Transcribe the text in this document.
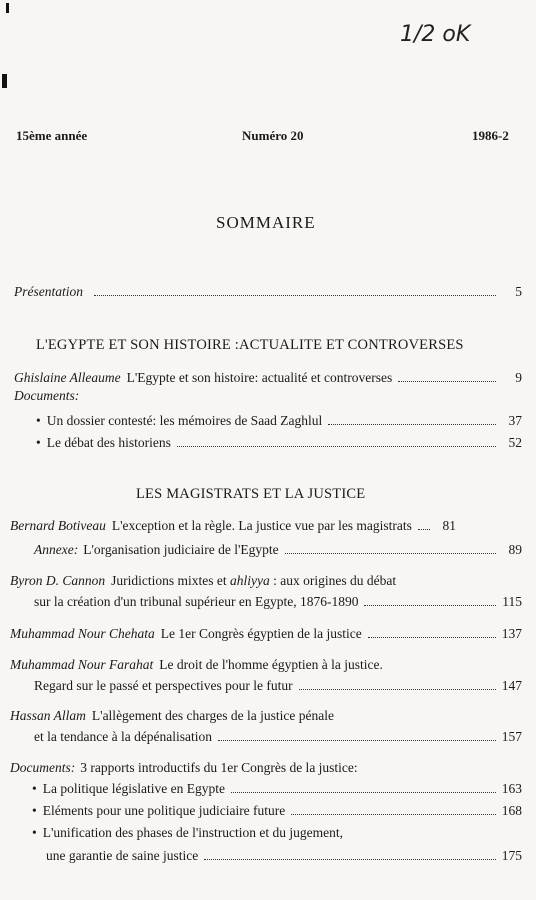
1/2 oK
15ème année	Numéro 20	1986-2
SOMMAIRE
Présentation	5
L'EGYPTE ET SON HISTOIRE :ACTUALITE ET CONTROVERSES
Ghislaine Alleaume L'Egypte et son histoire: actualité et controverses	9
Documents:
• Un dossier contesté: les mémoires de Saad Zaghlul	37
• Le débat des historiens	52
LES MAGISTRATS ET LA JUSTICE
Bernard Botiveau L'exception et la règle. La justice vue par les magistrats	81
Annexe: L'organisation judiciaire de l'Egypte	89
Byron D. Cannon Juridictions mixtes et ahliyya : aux origines du débat
sur la création d'un tribunal supérieur en Egypte, 1876-1890	115
Muhammad Nour Chehata Le 1er Congrès égyptien de la justice	137
Muhammad Nour Farahat Le droit de l'homme égyptien à la justice.
Regard sur le passé et perspectives pour le futur	147
Hassan Allam L'allègement des charges de la justice pénale
et la tendance à la dépénalisation	157
Documents: 3 rapports introductifs du 1er Congrès de la justice:
• La politique législative en Egypte	163
• Eléments pour une politique judiciaire future	168
• L'unification des phases de l'instruction et du jugement,
une garantie de saine justice	175
